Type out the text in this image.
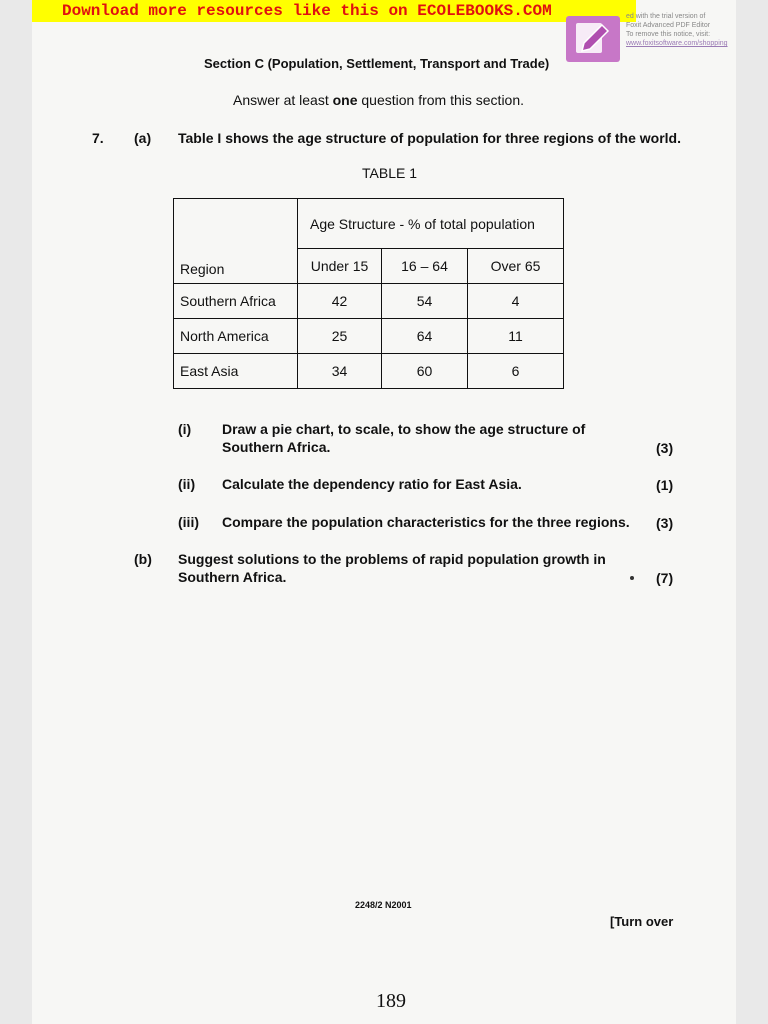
Download more resources like this on ECOLEBOOKS.COM	ed with the trial version of
Foxit Advanced PDF Editor
To remove this notice, visit:
www.foxitsoftware.com/shopping
Section C (Population, Settlement, Transport and Trade)
Answer at least one question from this section.
7. (a) Table I shows the age structure of population for three regions of the world.
TABLE 1
Region	Age Structure - % of total population		
	Under 15	16 – 64	Over 65
Southern Africa	42	54	4
North America	25	64	11
East Asia	34	60	6
(i) Draw a pie chart, to scale, to show the age structure of
Southern Africa.	(3)
(ii) Calculate the dependency ratio for East Asia.	(1)
(iii) Compare the population characteristics for the three regions. (3)
(b) Suggest solutions to the problems of rapid population growth in
Southern Africa.	(7)
2248/2 N2001
[Turn over
189
